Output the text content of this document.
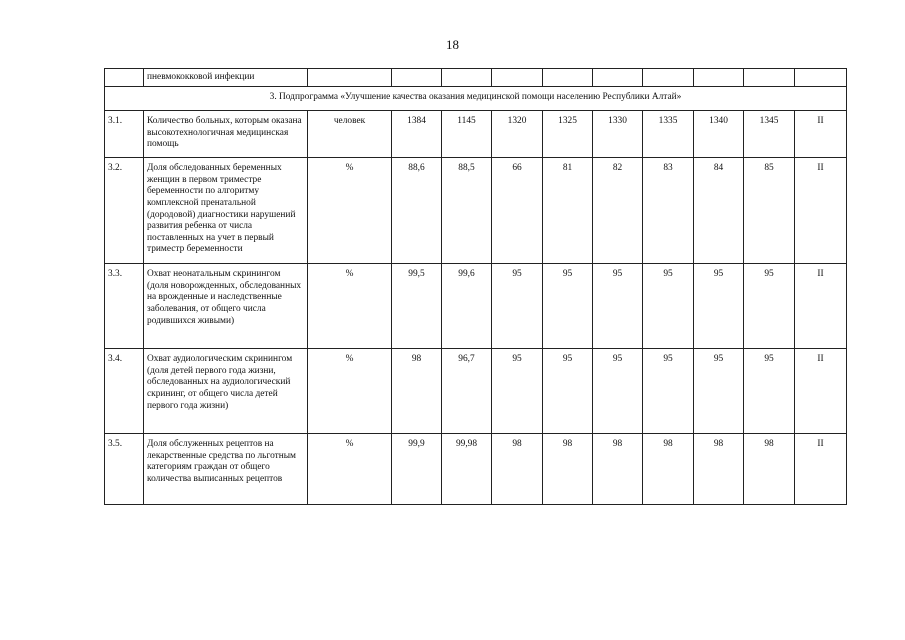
18
	пневмококковой инфекции										
3. Подпрограмма «Улучшение качества оказания медицинской помощи населению Республики Алтай»											
3.1.	Количество больных, которым оказана высокотехнологичная медицинская помощь	человек	1384	1145	1320	1325	1330	1335	1340	1345	II
3.2.	Доля обследованных беременных женщин в первом триместре беременности по алгоритму комплексной пренатальной (дородовой) диагностики нарушений развития ребенка от числа поставленных на учет в первый триместр беременности	%	88,6	88,5	66	81	82	83	84	85	II
3.3.	Охват неонатальным скринингом (доля новорожденных, обследованных на врожденные и наследственные заболевания, от общего числа родившихся живыми)	%	99,5	99,6	95	95	95	95	95	95	II
3.4.	Охват аудиологическим скринингом (доля детей первого года жизни, обследованных на аудиологический скрининг, от общего числа детей первого года жизни)	%	98	96,7	95	95	95	95	95	95	II
3.5.	Доля обслуженных рецептов на лекарственные средства по льготным категориям граждан от общего количества выписанных рецептов	%	99,9	99,98	98	98	98	98	98	98	II
